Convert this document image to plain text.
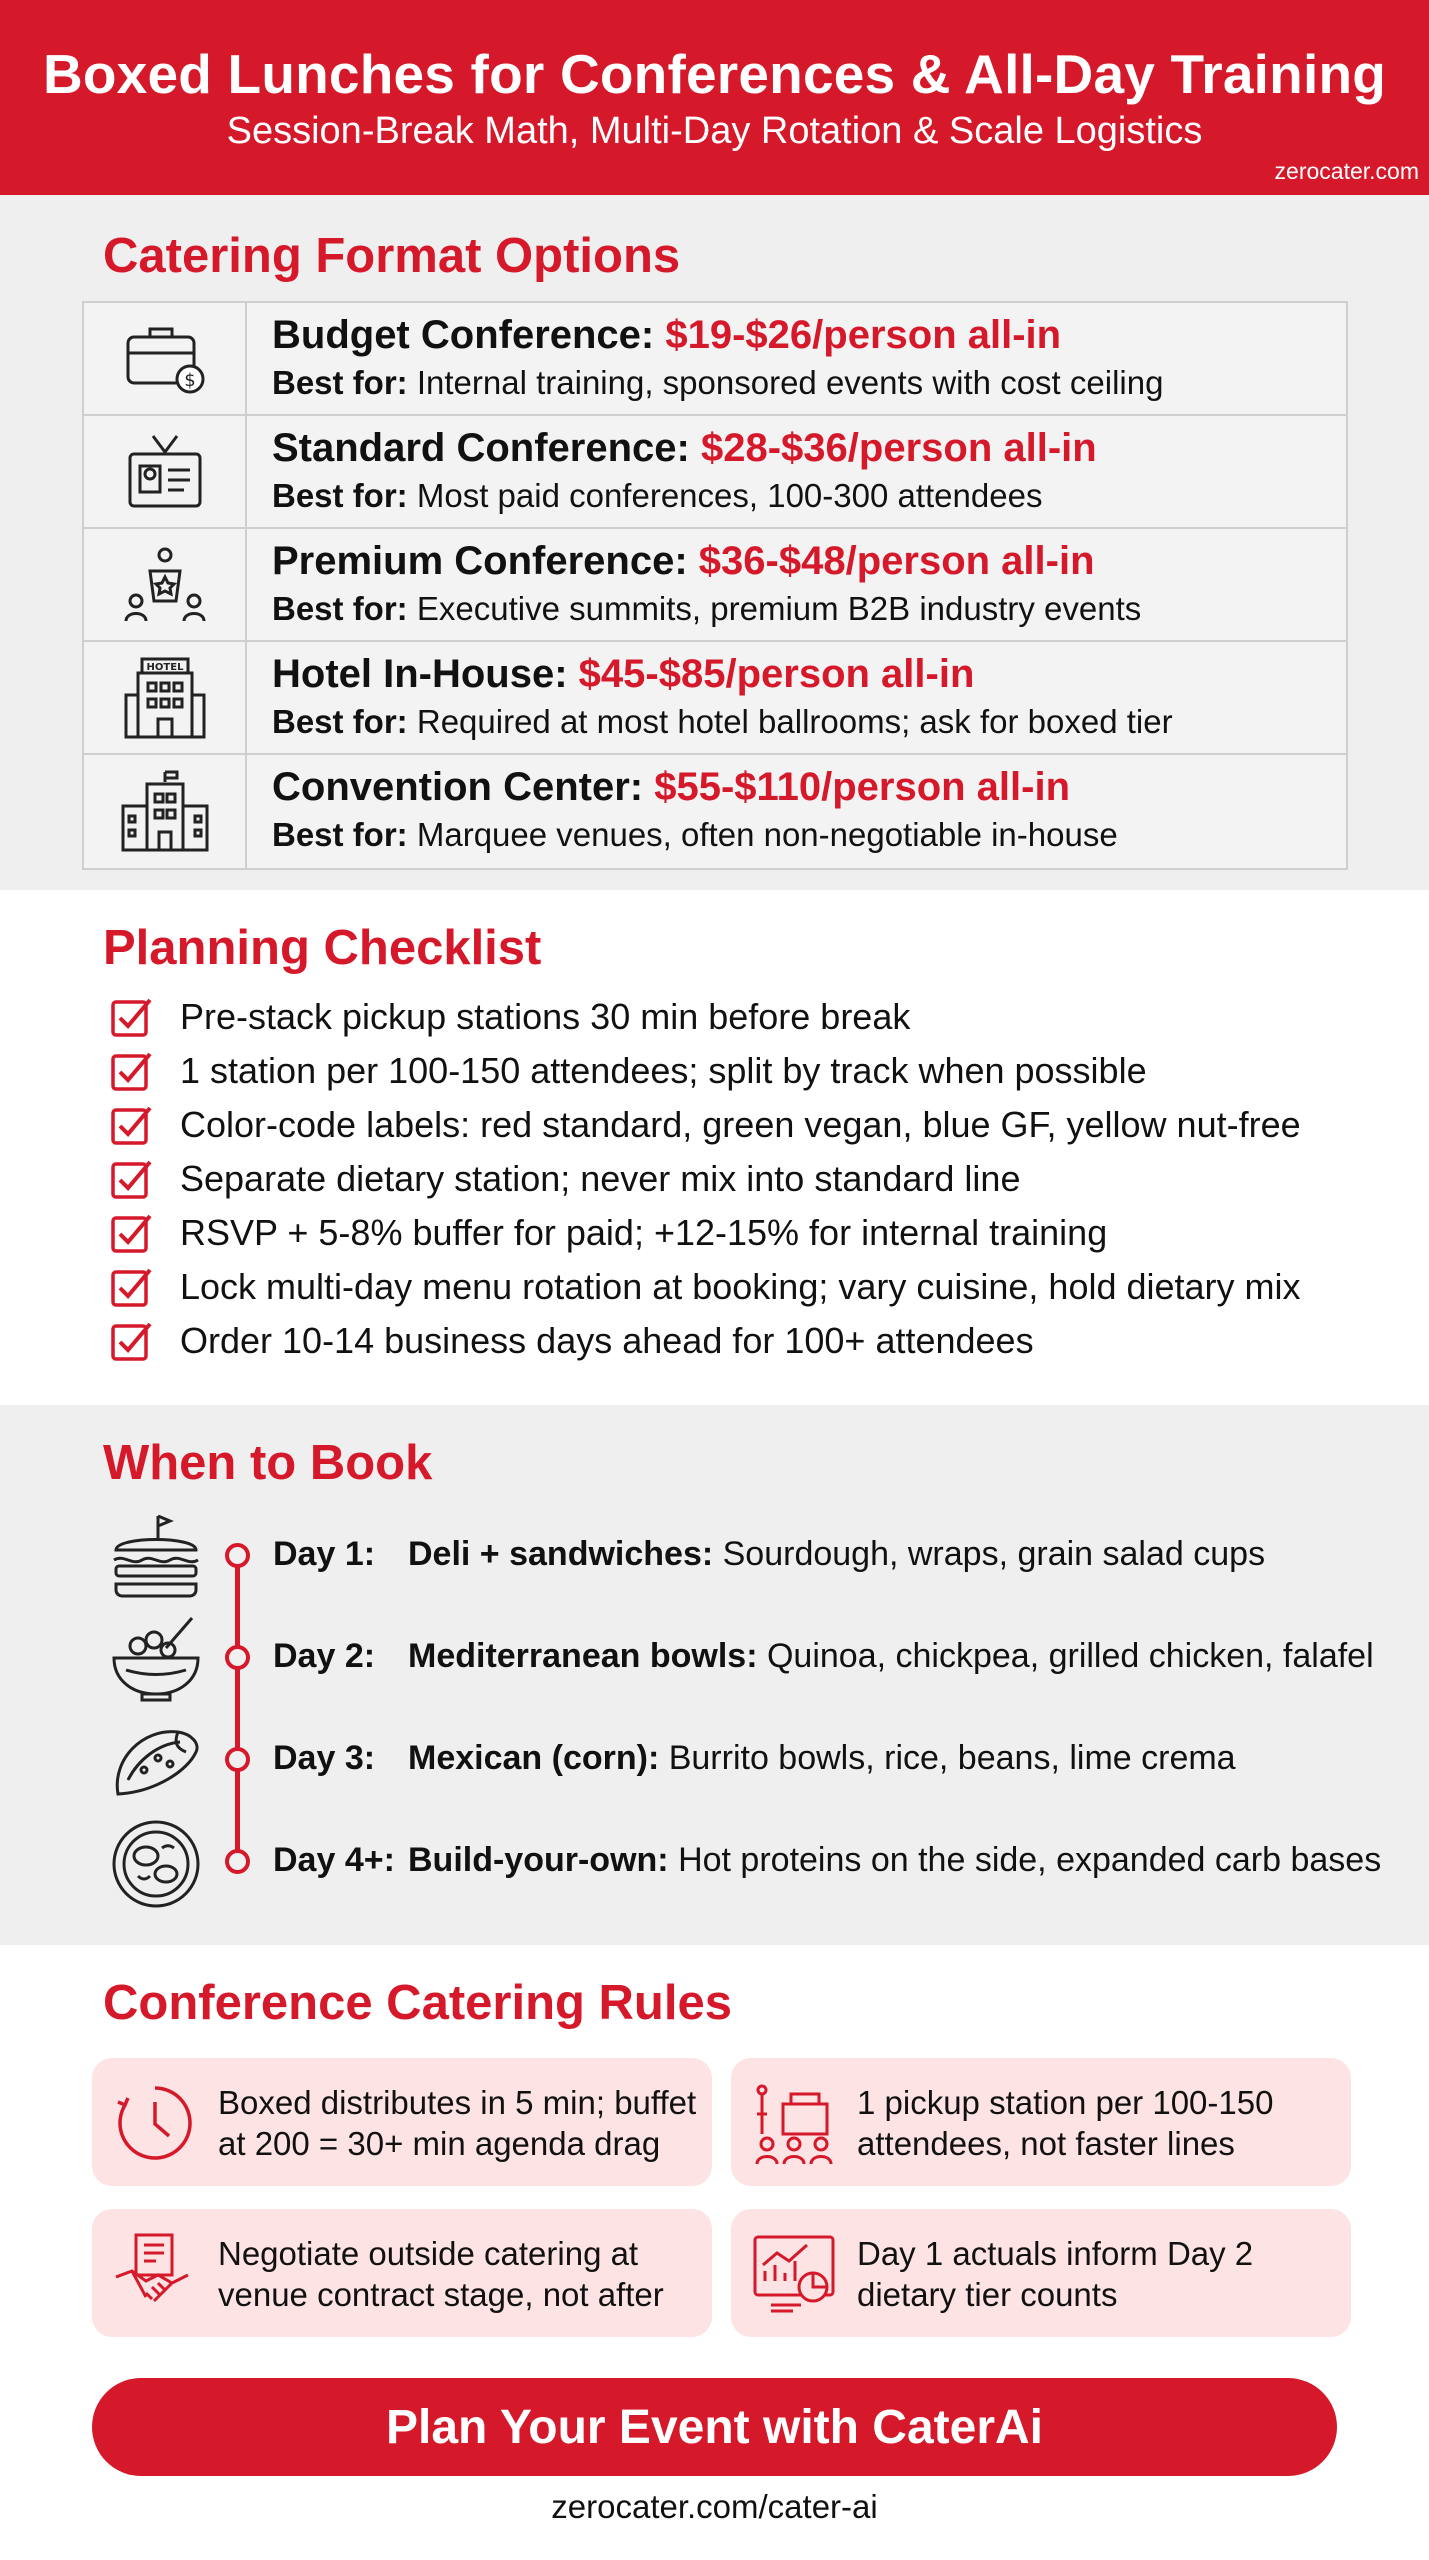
Boxed Lunches for Conferences & All-Day Training
Session-Break Math, Multi-Day Rotation & Scale Logistics
zerocater.com
Catering Format Options
$
Budget Conference: $19-$26/person all-in
Best for: Internal training, sponsored events with cost ceiling
Standard Conference: $28-$36/person all-in
Best for: Most paid conferences, 100-300 attendees
Premium Conference: $36-$48/person all-in
Best for: Executive summits, premium B2B industry events
HOTEL Hotel In-House: $45-$85/person all-in
Best for: Required at most hotel ballrooms; ask for boxed tier
Convention Center: $55-$110/person all-in
Best for: Marquee venues, often non-negotiable in-house
Planning Checklist
Pre-stack pickup stations 30 min before break
1 station per 100-150 attendees; split by track when possible
Color-code labels: red standard, green vegan, blue GF, yellow nut-free
Separate dietary station; never mix into standard line
RSVP + 5-8% buffer for paid; +12-15% for internal training
Lock multi-day menu rotation at booking; vary cuisine, hold dietary mix
Order 10-14 business days ahead for 100+ attendees
When to Book
Day 1: Deli + sandwiches: Sourdough, wraps, grain salad cups
Day 2: Mediterranean bowls: Quinoa, chickpea, grilled chicken, falafel
Day 3: Mexican (corn): Burrito bowls, rice, beans, lime crema
Day 4+: Build-your-own: Hot proteins on the side, expanded carb bases
Conference Catering Rules
Boxed distributes in 5 min; buffet at 200 = 30+ min agenda drag
1 pickup station per 100-150 attendees, not faster lines
Negotiate outside catering at venue contract stage, not after
Day 1 actuals inform Day 2 dietary tier counts
Plan Your Event with CaterAi
zerocater.com/cater-ai
